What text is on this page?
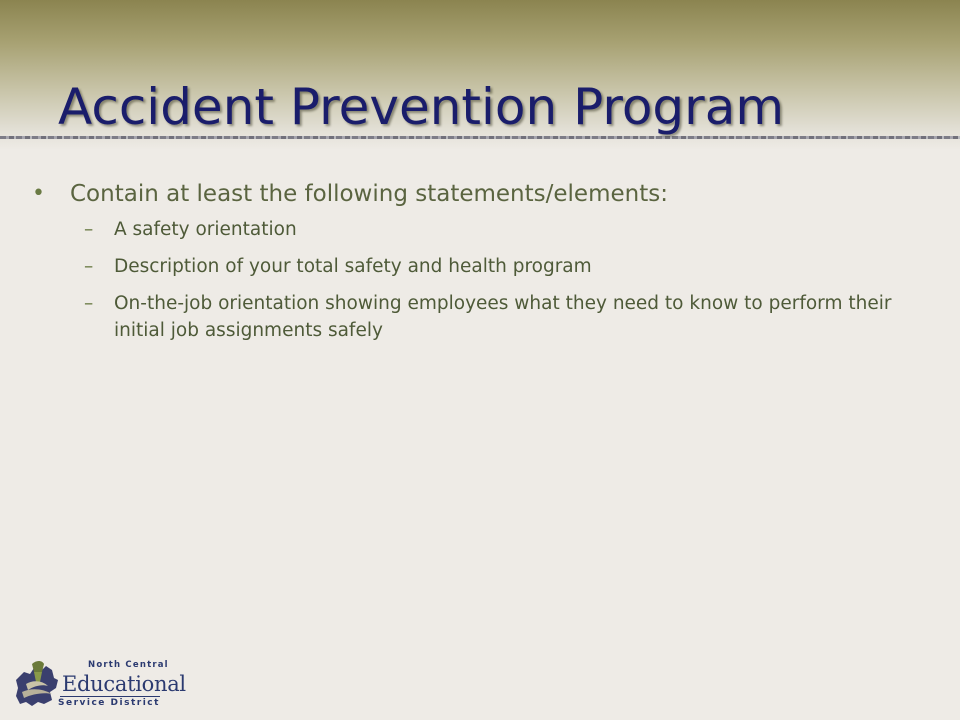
Accident Prevention Program
• Contain at least the following statements/elements:
– A safety orientation
– Description of your total safety and health program
– On-the-job orientation showing employees what they need to know to perform their initial job assignments safely
North Central
Educational
Service District
